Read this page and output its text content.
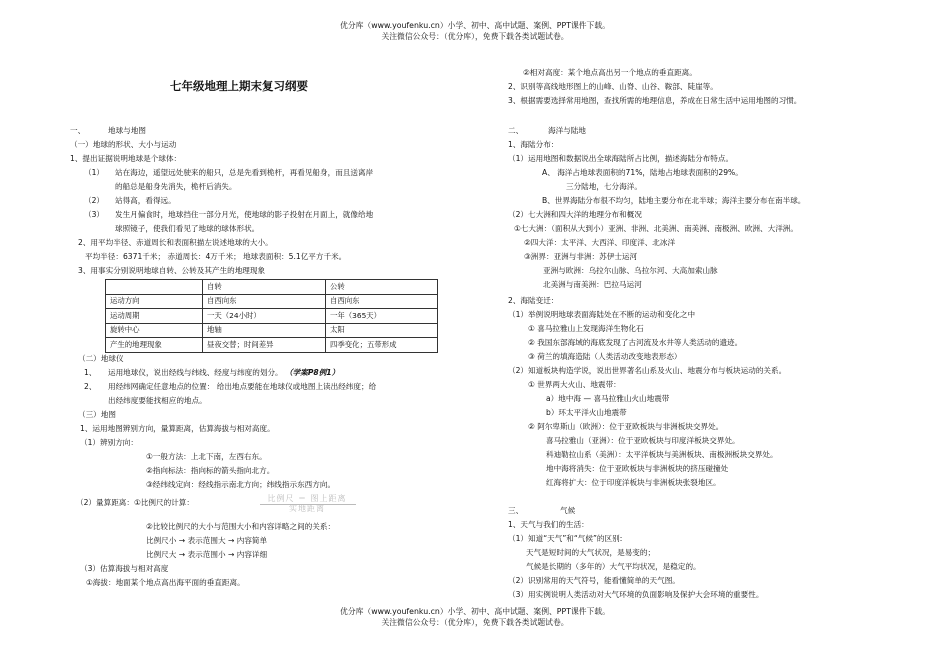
优分库（www.youfenku.cn）小学、初中、高中试题、案例、PPT课件下载。
关注微信公众号：（优分库），免费下载各类试题试卷。
七年级地理上期末复习纲要
一、	地球与地图
（一）地球的形状、大小与运动
1、提出证据说明地球是个球体：
（1） 站在海边，遥望远处驶来的船只，总是先看到桅杆，再看见船身，而且送离岸
的船总是船身先消失，桅杆后消失。
（2） 站得高，看得远。
（3） 发生月偏食时，地球挡住一部分月光，使地球的影子投射在月面上，就像给地
球照镜子，使我们看见了地球的球体形状。
2、用平均半径、赤道周长和表面积描左说述地球的大小。
平均半径：6371千米； 赤道周长：4万千米； 地球表面积：5.1亿平方千米。
3、用事实分别说明地球自转、公转及其产生的地理现象
	自转	公转
运动方向	自西向东	自西向东
运动周期	一天（24小时）	一年（365天）
旋转中心	地轴	太阳
产生的地理现象	昼夜交替；时间差异	四季变化；五带形成
（二）地球仪
1、 运用地球仪，说出经线与纬线、经度与纬度的划分。 （学案P8例1）
2、 用经纬网确定任意地点的位置： 给出地点要能在地球仪或地图上读出经纬度；给
出经纬度要能找相应的地点。
（三）地图
1、运用地图辨别方向，量算距离，估算海拔与相对高度。
（1）辨别方向：
①一般方法：上北下南，左西右东。
②指向标法：指向标的箭头指向北方。
③经纬线定向：经线指示南北方向；纬线指示东西方向。
（2）量算距离：①比例尺的计算：	比例尺 ＝ 图上距离
实地距离
②比较比例尺的大小与范围大小和内容详略之间的关系：
比例尺小 → 表示范围大 → 内容简单
比例尺大 → 表示范围小 → 内容详细
（3）估算海拔与相对高度
①海拔：地面某个地点高出海平面的垂直距离。
②相对高度：某个地点高出另一个地点的垂直距离。
2、识别等高线地形图上的山峰、山脊、山谷、鞍部、陡崖等。
3、根据需要选择常用地图，查找所需的地理信息，养成在日常生活中运用地图的习惯。
二、	海洋与陆地
1、海陆分布：
（1）运用地图和数据说出全球海陆所占比例，描述海陆分布特点。
A、 海洋占地球表面积的71%，陆地占地球表面积的29%。
三分陆地，七分海洋。
B、世界海陆分布很不均匀，陆地主要分布在北半球；海洋主要分布在南半球。
（2）七大洲和四大洋的地理分布和概况
①七大洲：（面积从大到小）亚洲、非洲、北美洲、南美洲、南极洲、欧洲、大洋洲。
②四大洋：太平洋、大西洋、印度洋、北冰洋
③洲界：亚洲与非洲：苏伊士运河
亚洲与欧洲：乌拉尔山脉、乌拉尔河、大高加索山脉
北美洲与南美洲：巴拉马运河
2、海陆变迁：
（1）举例说明地球表面海陆处在不断的运动和变化之中
① 喜马拉雅山上发现海洋生物化石
② 我国东部海域的海底发现了古河流及水井等人类活动的遗迹。
③ 荷兰的填海造陆（人类活动改变地表形态）
（2）知道板块构造学说，说出世界著名山系及火山、地震分布与板块运动的关系。
① 世界两大火山、地震带：
a）地中海 — 喜马拉雅山火山地震带
b）环太平洋火山地震带
② 阿尔卑斯山（欧洲）：位于亚欧板块与非洲板块交界处。
喜马拉雅山（亚洲）：位于亚欧板块与印度洋板块交界处。
科迪勒拉山系（美洲）：太平洋板块与美洲板块、南极洲板块交界处。
地中海将消失：位于亚欧板块与非洲板块的挤压碰撞处
红海将扩大：位于印度洋板块与非洲板块张裂地区。
三、	气候
1、天气与我们的生活：
（1）知道“天气”和“气候”的区别:
天气是短时间的大气状况，是易变的；
气候是长期的（多年的）大气平均状况，是稳定的。
（2）识别常用的天气符号，能看懂简单的天气图。
（3）用实例说明人类活动对大气环境的负面影响及保护大会环境的重要性。
优分库（www.youfenku.cn）小学、初中、高中试题、案例、PPT课件下载。
关注微信公众号：（优分库），免费下载各类试题试卷。
